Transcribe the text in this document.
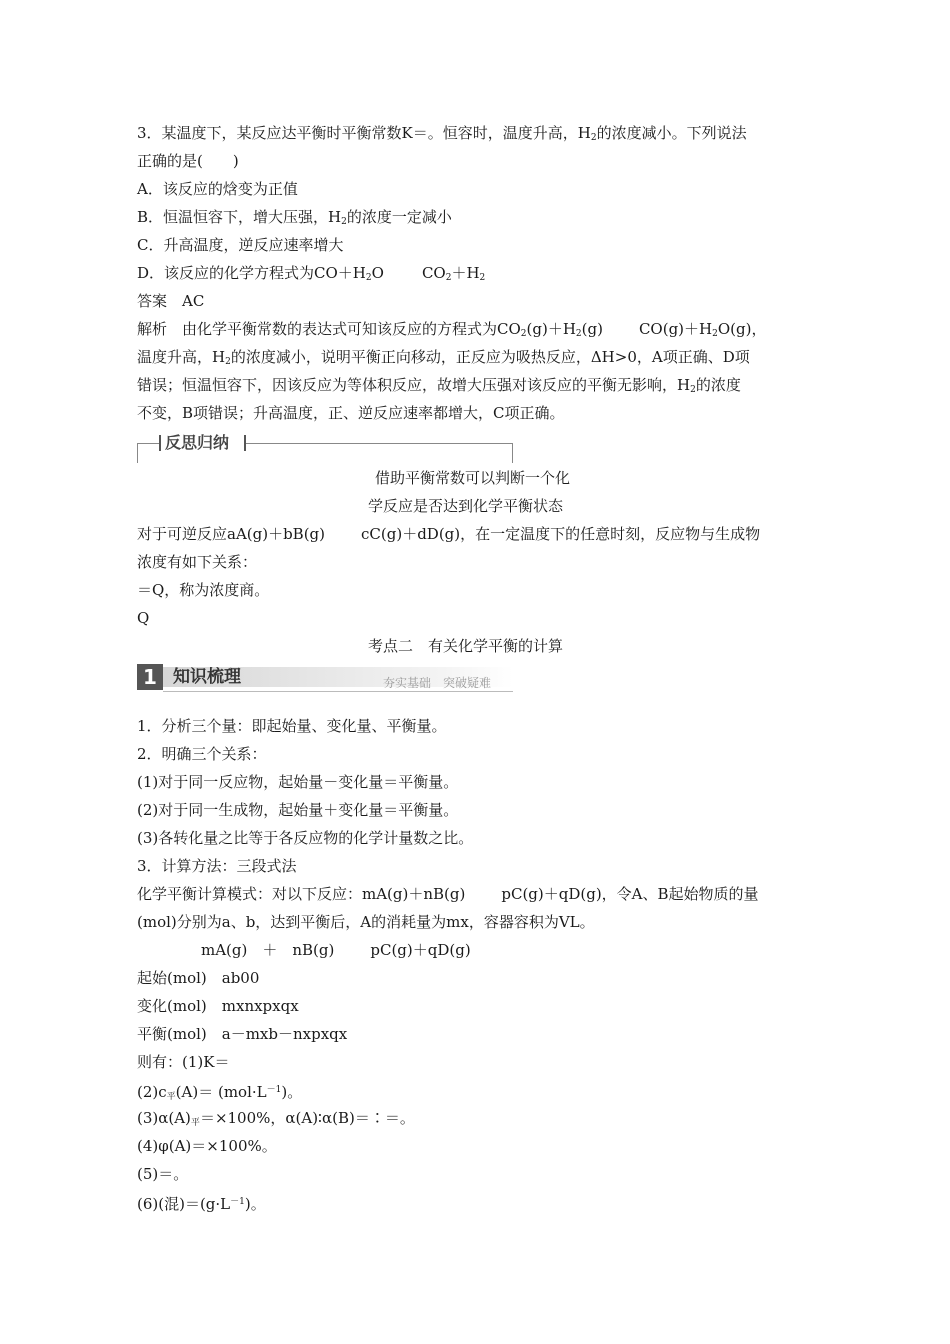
3．某温度下，某反应达平衡时平衡常数K＝。恒容时，温度升高，$H_2$的浓度减小。下列说法
正确的是(　　)
A．该反应的焓变为正值
B．恒温恒容下，增大压强，$H_2$的浓度一定减小
C．升高温度，逆反应速率增大
D．该反应的化学方程式为$CO+H_2O$	$CO_2+H_2$
答案　AC
解析　由化学平衡常数的表达式可知该反应的方程式为$CO_2(g)+H_2(g)$ $CO(g)+H_2O(g)$，
温度升高，$H_2$的浓度减小，说明平衡正向移动，正反应为吸热反应，ΔH>0，A项正确、D项
错误；恒温恒容下，因该反应为等体积反应，故增大压强对该反应的平衡无影响，$H_2$的浓度
不变，B项错误；升高温度，正、逆反应速率都增大，C项正确。
反思归纳
借助平衡常数可以判断一个化
学反应是否达到化学平衡状态
对于可逆反应aA(g)＋bB(g) cC(g)＋dD(g)，在一定温度下的任意时刻，反应物与生成物
浓度有如下关系：
＝Q，称为浓度商。
Q
考点二　有关化学平衡的计算
1 知识梳理	夯实基础　突破疑难
1．分析三个量：即起始量、变化量、平衡量。
2．明确三个关系：
(1)对于同一反应物，起始量－变化量＝平衡量。
(2)对于同一生成物，起始量＋变化量＝平衡量。
(3)各转化量之比等于各反应物的化学计量数之比。
3．计算方法：三段式法
化学平衡计算模式：对以下反应：mA(g)＋nB(g) pC(g)＋qD(g)，令A、B起始物质的量
(mol)分别为a、b，达到平衡后，A的消耗量为mx，容器容积为VL。
mA(g)　＋　nB(g) pC(g)＋qD(g)
起始(mol)　ab00
变化(mol)　mxnxpxqx
平衡(mol)　a－mxb－nxpxqx
则有：(1)K＝
$(2)c_平(A)= (mol\cdot L^{-1})$。
$(3)\alpha(A)_平=\times 100\%$，α(A)∶α(B)＝∶＝。
(4)φ(A)＝×100%。
(5)＝。
(6)(混)$=(g\cdot L^{-1})$。
